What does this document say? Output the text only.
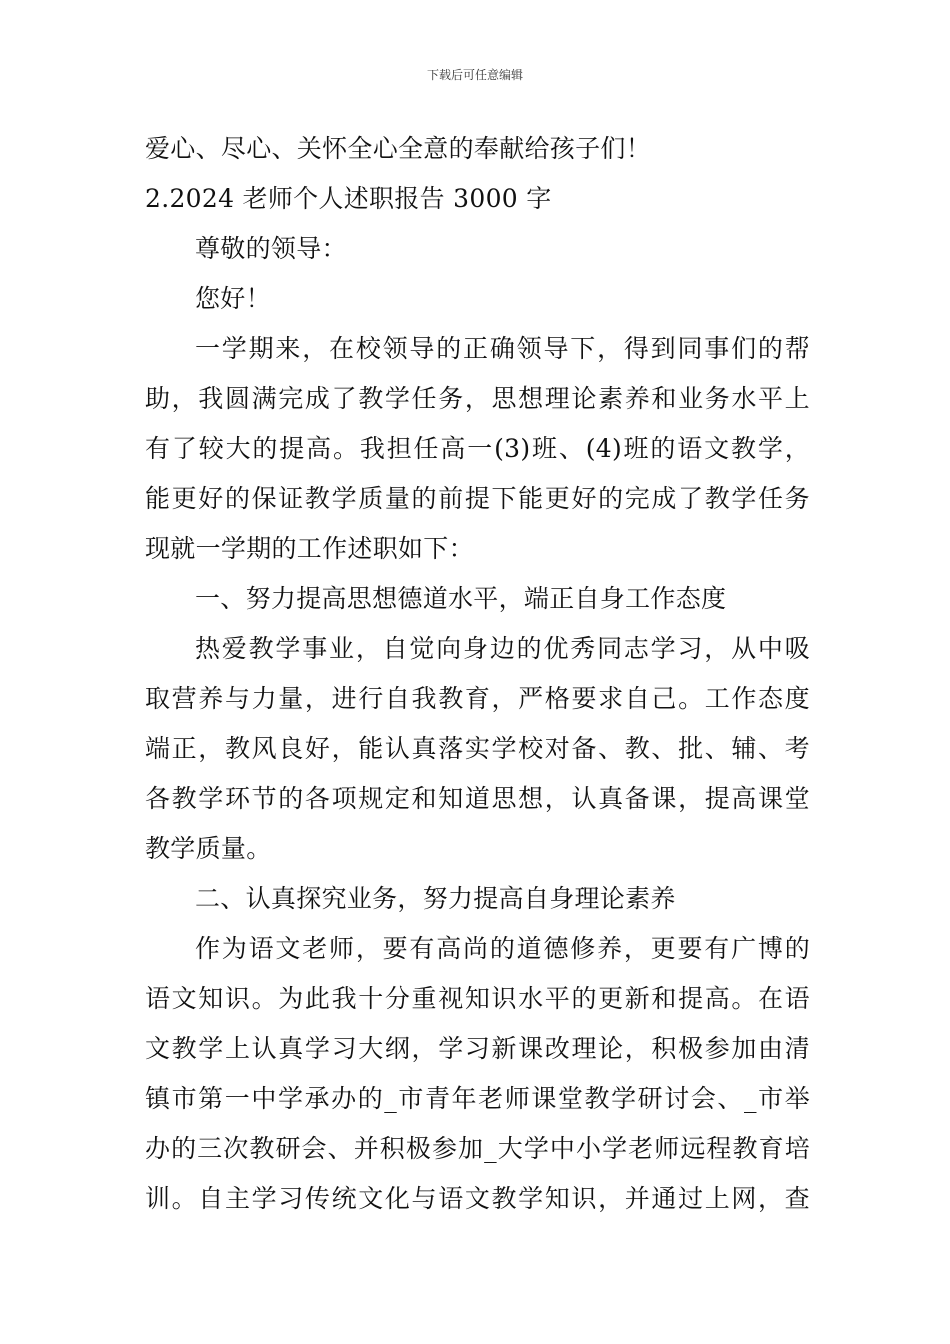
下载后可任意编辑
爱心、尽心、关怀全心全意的奉献给孩子们！
2.2024 老师个人述职报告 3000 字
尊敬的领导：
您好！
一学期来，在校领导的正确领导下，得到同事们的帮
助，我圆满完成了教学任务，思想理论素养和业务水平上
有了较大的提高。我担任高一(3)班、(4)班的语文教学，
能更好的保证教学质量的前提下能更好的完成了教学任务
现就一学期的工作述职如下：
一、努力提高思想德道水平，端正自身工作态度
热爱教学事业，自觉向身边的优秀同志学习，从中吸
取营养与力量，进行自我教育，严格要求自己。工作态度
端正，教风良好，能认真落实学校对备、教、批、辅、考
各教学环节的各项规定和知道思想，认真备课，提高课堂
教学质量。
二、认真探究业务，努力提高自身理论素养
作为语文老师，要有高尚的道德修养，更要有广博的
语文知识。为此我十分重视知识水平的更新和提高。在语
文教学上认真学习大纲，学习新课改理论，积极参加由清
镇市第一中学承办的_市青年老师课堂教学研讨会、_市举
办的三次教研会、并积极参加_大学中小学老师远程教育培
训。自主学习传统文化与语文教学知识，并通过上网，查
